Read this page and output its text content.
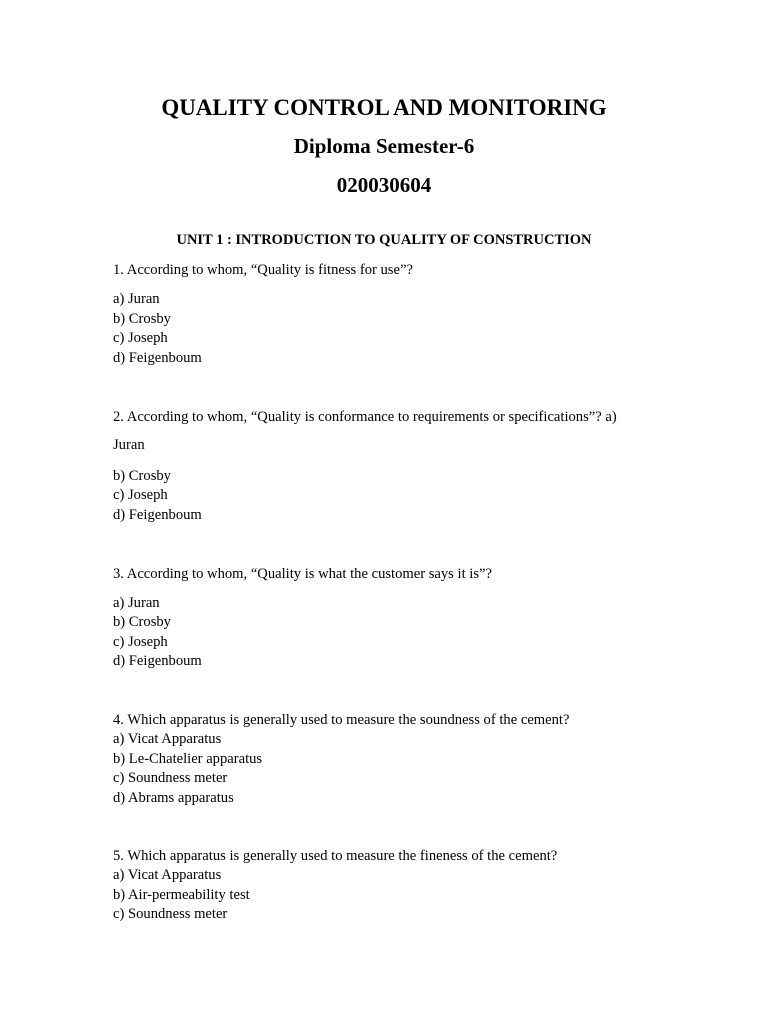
QUALITY CONTROL AND MONITORING
Diploma Semester-6
020030604
UNIT 1 : INTRODUCTION TO QUALITY OF CONSTRUCTION
1. According to whom, “Quality is fitness for use”?
a) Juran
b) Crosby
c) Joseph
d) Feigenboum
2. According to whom, “Quality is conformance to requirements or specifications”? a)
Juran
b) Crosby
c) Joseph
d) Feigenboum
3. According to whom, “Quality is what the customer says it is”?
a) Juran
b) Crosby
c) Joseph
d) Feigenboum
4. Which apparatus is generally used to measure the soundness of the cement?
a) Vicat Apparatus
b) Le-Chatelier apparatus
c) Soundness meter
d) Abrams apparatus
5. Which apparatus is generally used to measure the fineness of the cement?
a) Vicat Apparatus
b) Air-permeability test
c) Soundness meter
